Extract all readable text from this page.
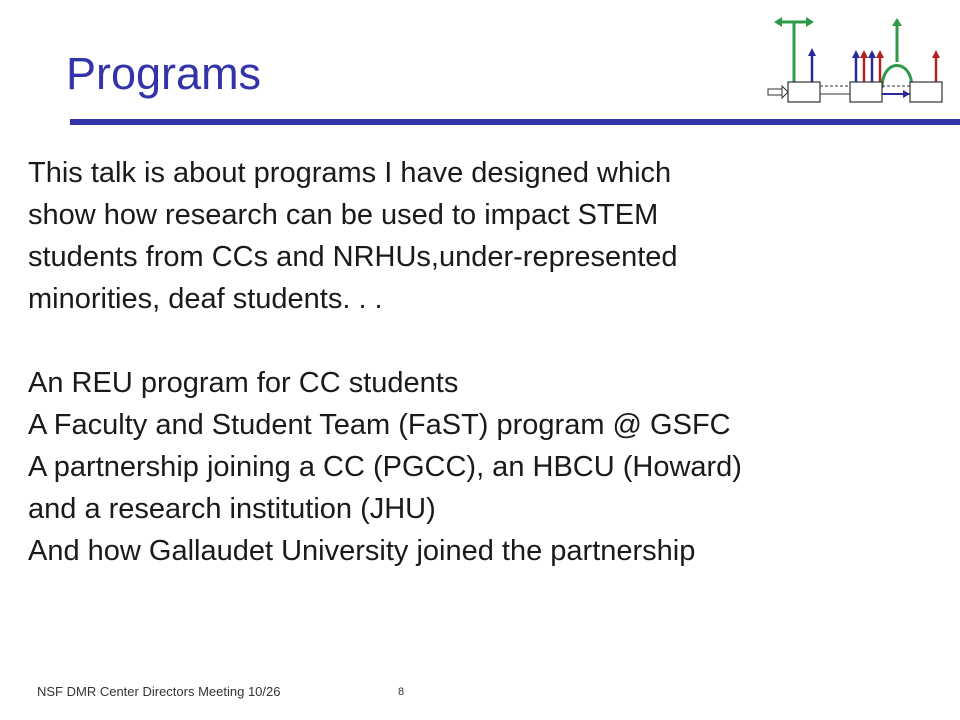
Programs

This talk is about programs I have designed which

show how research can be used to impact STEM

students from CCs and NRHUs,under-represented

minorities, deaf students. . .

An REU program for CC students

A Faculty and Student Team (FaST) program @ GSFC

A partnership joining a CC (PGCC), an HBCU (Howard)

and a research institution (JHU)

And how Gallaudet University joined the partnership

NSF DMR Center Directors Meeting 10/26	8
